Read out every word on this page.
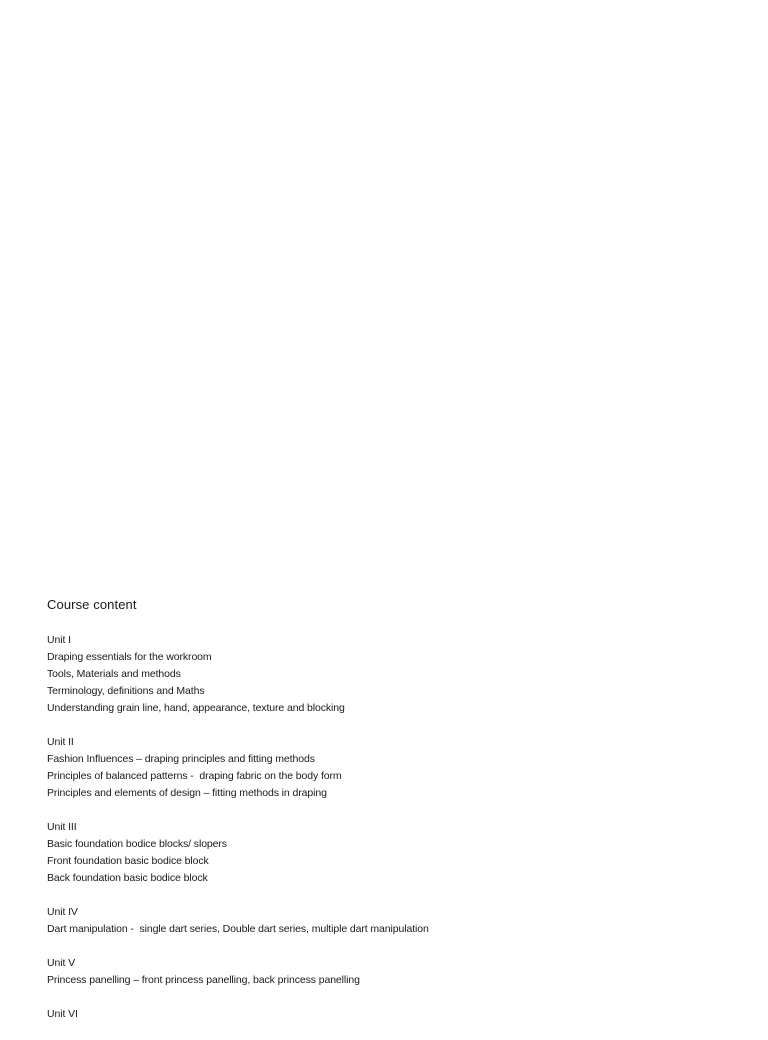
Course content
Unit I
Draping essentials for the workroom
Tools, Materials and methods
Terminology, definitions and Maths
Understanding grain line, hand, appearance, texture and blocking
Unit II
Fashion Influences – draping principles and fitting methods
Principles of balanced patterns -  draping fabric on the body form
Principles and elements of design – fitting methods in draping
Unit III
Basic foundation bodice blocks/ slopers
Front foundation basic bodice block
Back foundation basic bodice block
Unit IV
Dart manipulation -  single dart series, Double dart series, multiple dart manipulation
Unit V
Princess panelling – front princess panelling, back princess panelling
Unit VI
